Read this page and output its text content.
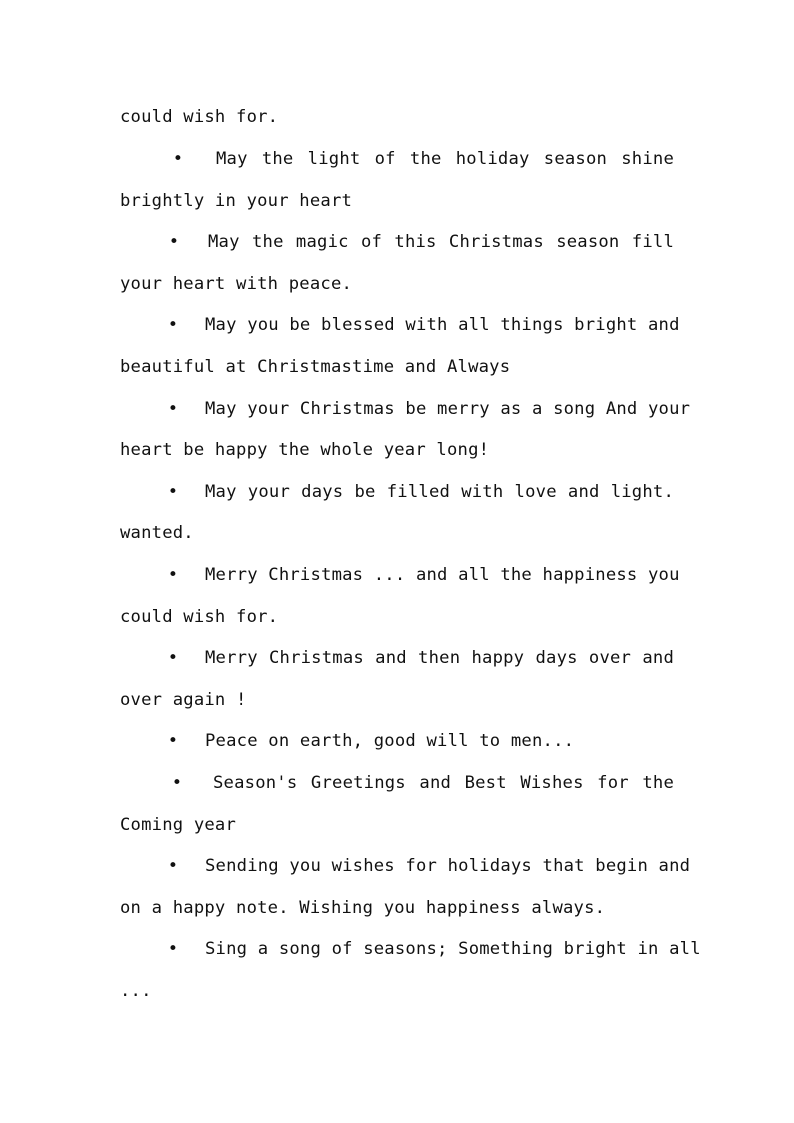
could wish for.
• May the light of the holiday season shine
brightly in your heart
• May the magic of this Christmas season fill
your heart with peace.
• May you be blessed with all things bright and
beautiful at Christmastime and Always
• May your Christmas be merry as a song And your
heart be happy the whole year long!
• May your days be filled with love and light.
wanted.
• Merry Christmas ... and all the happiness you
could wish for.
• Merry Christmas and then happy days over and
over again !
• Peace on earth, good will to men...
• Season's Greetings and Best Wishes for the
Coming year
• Sending you wishes for holidays that begin and
on a happy note. Wishing you happiness always.
• Sing a song of seasons; Something bright in all
...
